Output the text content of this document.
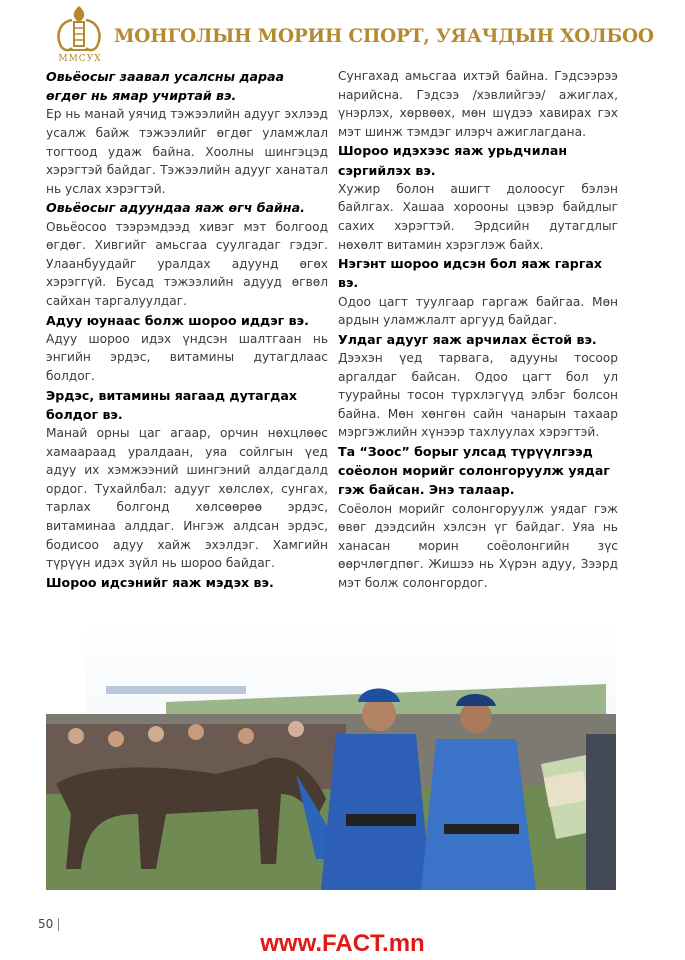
ММСУХ
МОНГОЛЫН МОРИН СПОРТ, УЯАЧДЫН ХОЛБОО
Овьёосыг заавал усалсны дараа өгдөг нь ямар учиртай вэ.
Ер нь манай уячид тэжээлийн адууг эхлээд усалж байж тэжээлийг өгдөг уламжлал тогтоод удаж байна. Хоолны шингэцэд хэрэгтэй байдаг. Тэжээлийн адууг ханатал нь услах хэрэгтэй.
Овьёосыг адуундаа яаж өгч байна.
Овьёосоо тээрэмдээд хивэг мэт болгоод өгдөг. Хивгийг амьсгаа суулгадаг гэдэг. Улаанбуудайг уралдах адуунд өгөх хэрэггүй. Бусад тэжээлийн адууд өгвөл сайхан таргалуулдаг.
Адуу юунаас болж шороо иддэг вэ.
Адуу шороо идэх үндсэн шалтгаан нь энгийн эрдэс, витамины дутагдлаас болдог.
Эрдэс, витамины яагаад дутагдах болдог вэ.
Манай орны цаг агаар, орчин нөхцлөөс хамаараад уралдаан, уяа сойлгын үед адуу их хэмжээний шингэний алдагдалд ордог. Тухайлбал: адууг хөлслөх, сунгах, тарлах болгонд хөлсөөрөө эрдэс, витаминаа алддаг. Ингэж алдсан эрдэс, бодисоо адуу хайж эхэлдэг. Хамгийн түрүүн идэх зүйл нь шороо байдаг.
Шороо идсэнийг яаж мэдэх вэ.
Сунгахад амьсгаа ихтэй байна. Гэдсээрээ нарийсна. Гэдсээ /хэвлийгээ/ ажиглах, үнэрлэх, хөрвөөх, мөн шүдээ хавирах гэх мэт шинж тэмдэг илэрч ажиглагдана.
Шороо идэхээс яаж урьдчилан сэргийлэх вэ.
Хужир болон ашигт долоосуг бэлэн байлгах. Хашаа хорооны цэвэр байдлыг сахих хэрэгтэй. Эрдсийн дутагдлыг нөхөлт витамин хэрэглэж байх.
Нэгэнт шороо идсэн бол яаж гаргах вэ.
Одоо цагт туулгаар гаргаж байгаа. Мөн ардын уламжлалт аргууд байдаг.
Улдаг адууг яаж арчилах ёстой вэ.
Дээхэн үед тарвага, адууны тосоор аргалдаг байсан. Одоо цагт бол ул туурайны тосон түрхлэгүүд элбэг болсон байна. Мөн хөнгөн сайн чанарын тахаар мэргэжлийн хүнээр тахлуулах хэрэгтэй.
Та “Зоос” борыг улсад түрүүлгээд соёолон морийг солонгоруулж уядаг гэж байсан. Энэ талаар.
Соёолон морийг солонгоруулж уядаг гэж өвөг дээдсийн хэлсэн үг байдаг. Уяа нь ханасан морин соёолонгийн зүс өөрчлөгдпөг. Жишээ нь Хүрэн адуу, Зээрд мэт болж солонгордог.
50
www.FACT.mn
